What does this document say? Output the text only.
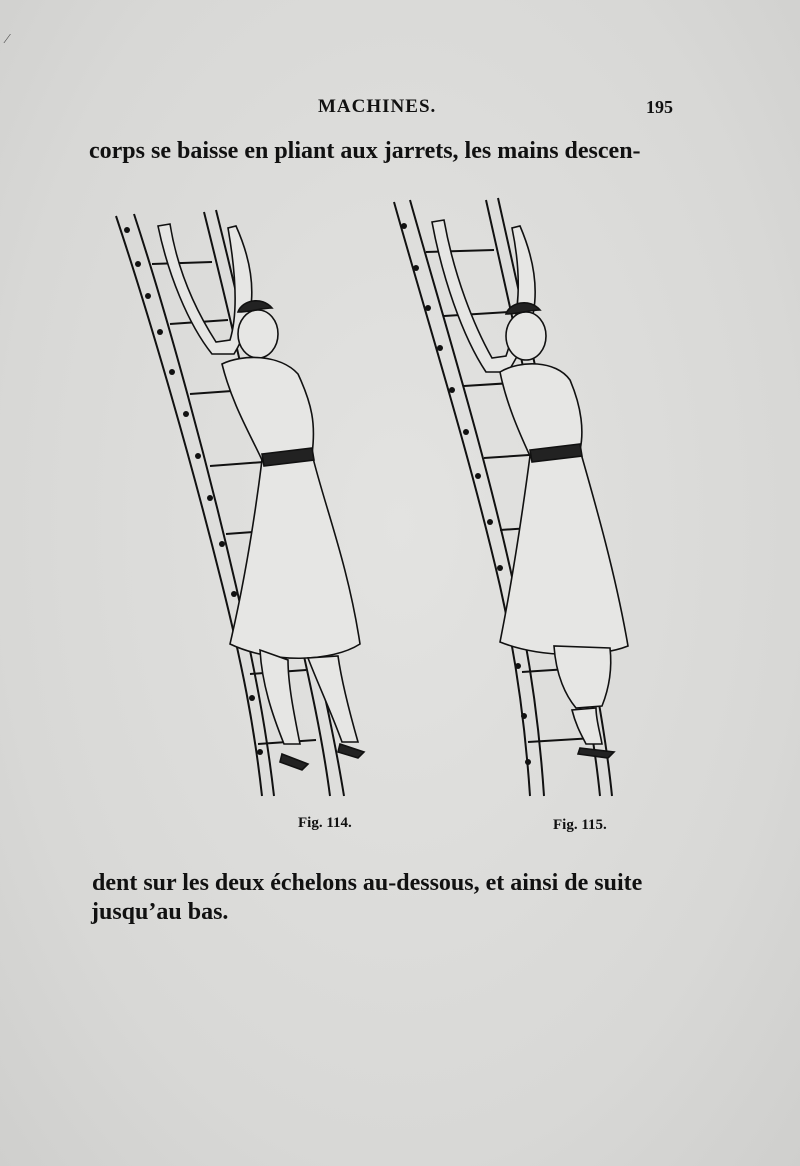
⁄
MACHINES.	195
corps se baisse en pliant aux jarrets, les mains descen-
Fig. 114.	Fig. 115.
dent sur les deux échelons au-dessous, et ainsi de suite
jusqu’au bas.
